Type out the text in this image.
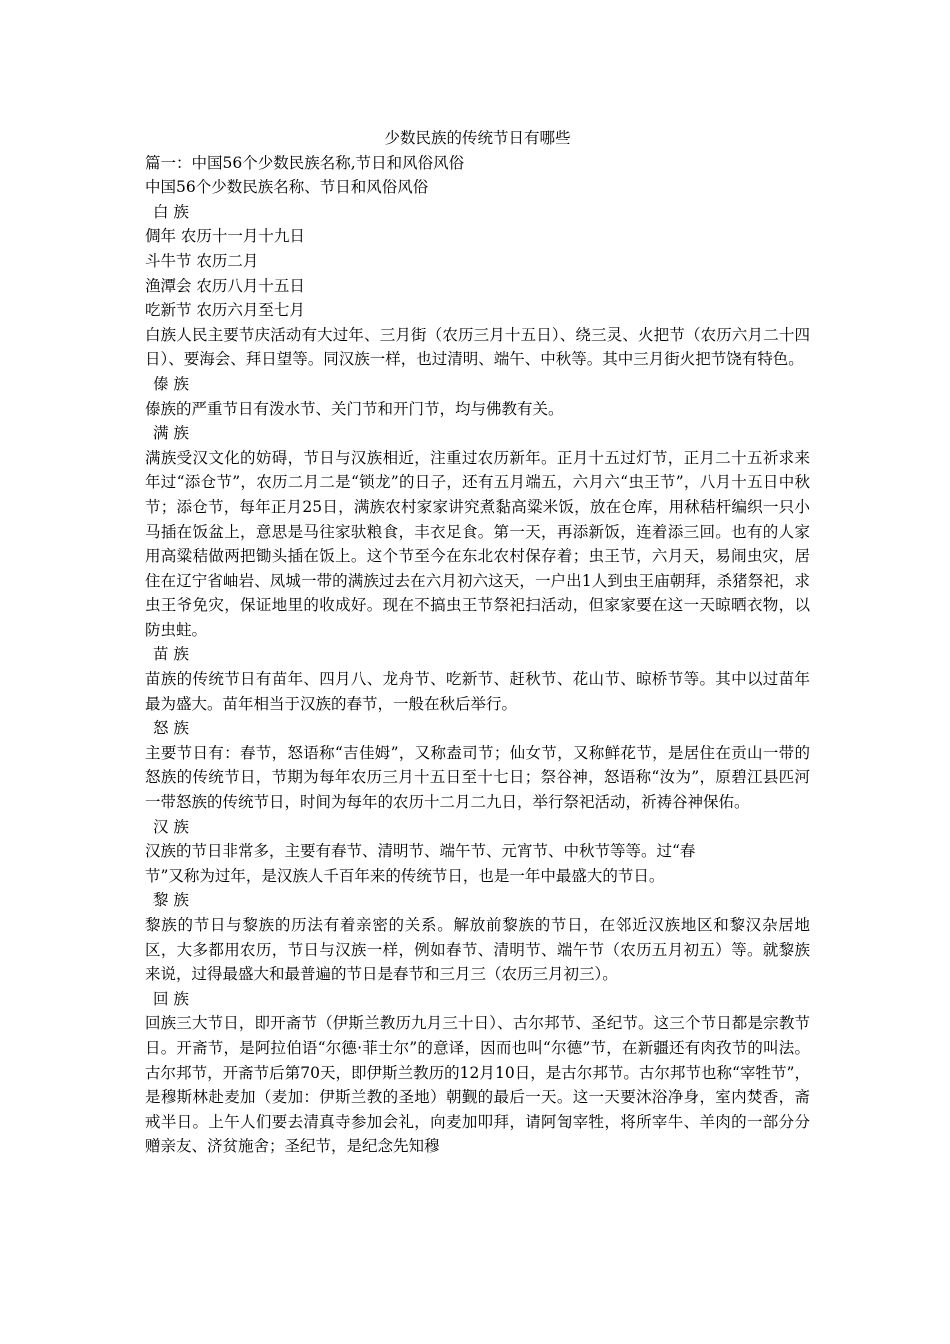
少数民族的传统节日有哪些

篇一：中国56个少数民族名称,节日和风俗风俗

中国56个少数民族名称、节日和风俗风俗

白 族

倜年 农历十一月十九日

斗牛节 农历二月

渔潭会 农历八月十五日

吃新节 农历六月至七月

白族人民主要节庆活动有大过年、三月街（农历三月十五日）、绕三灵、火把节（农历六月二十四日）、要海会、拜日望等。同汉族一样，也过清明、端午、中秋等。其中三月街火把节饶有特色。

傣 族

傣族的严重节日有泼水节、关门节和开门节，均与佛教有关。

满 族

满族受汉文化的妨碍，节日与汉族相近，注重过农历新年。正月十五过灯节，正月二十五祈求来年过“添仓节”，农历二月二是“锁龙”的日子，还有五月端五，六月六“虫王节”，八月十五日中秋节；添仓节，每年正月25日，满族农村家家讲究煮黏高粱米饭，放在仓库，用秫秸杆编织一只小马插在饭盆上，意思是马往家驮粮食，丰衣足食。第一天，再添新饭，连着添三回。也有的人家用高粱秸做两把锄头插在饭上。这个节至今在东北农村保存着；虫王节，六月天，易闹虫灾，居住在辽宁省岫岩、凤城一带的满族过去在六月初六这天，一户出1人到虫王庙朝拜，杀猪祭祀，求虫王爷免灾，保证地里的收成好。现在不搞虫王节祭祀扫活动，但家家要在这一天晾晒衣物，以防虫蛀。

苗 族

苗族的传统节日有苗年、四月八、龙舟节、吃新节、赶秋节、花山节、晾桥节等。其中以过苗年最为盛大。苗年相当于汉族的春节，一般在秋后举行。

怒 族

主要节日有：春节，怒语称“吉佳姆”，又称盍司节；仙女节，又称鲜花节，是居住在贡山一带的怒族的传统节日，节期为每年农历三月十五日至十七日；祭谷神，怒语称“汝为”，原碧江县匹河一带怒族的传统节日，时间为每年的农历十二月二九日，举行祭祀活动，祈祷谷神保佑。

汉 族

汉族的节日非常多，主要有春节、清明节、端午节、元宵节、中秋节等等。过“春

节”又称为过年，是汉族人千百年来的传统节日，也是一年中最盛大的节日。

黎 族

黎族的节日与黎族的历法有着亲密的关系。解放前黎族的节日，在邻近汉族地区和黎汉杂居地区，大多都用农历，节日与汉族一样，例如春节、清明节、端午节（农历五月初五）等。就黎族来说，过得最盛大和最普遍的节日是春节和三月三（农历三月初三）。

回 族

回族三大节日，即开斋节（伊斯兰教历九月三十日）、古尔邦节、圣纪节。这三个节日都是宗教节日。开斋节，是阿拉伯语“尔德·菲士尔”的意译，因而也叫“尔德”节，在新疆还有肉孜节的叫法。古尔邦节，开斋节后第70天，即伊斯兰教历的12月10日，是古尔邦节。古尔邦节也称“宰牲节”，是穆斯林赴麦加（麦加：伊斯兰教的圣地）朝觐的最后一天。这一天要沐浴净身，室内焚香，斋戒半日。上午人们要去清真寺参加会礼，向麦加叩拜，请阿訇宰牲，将所宰牛、羊肉的一部分分赠亲友、济贫施舍；圣纪节，是纪念先知穆
